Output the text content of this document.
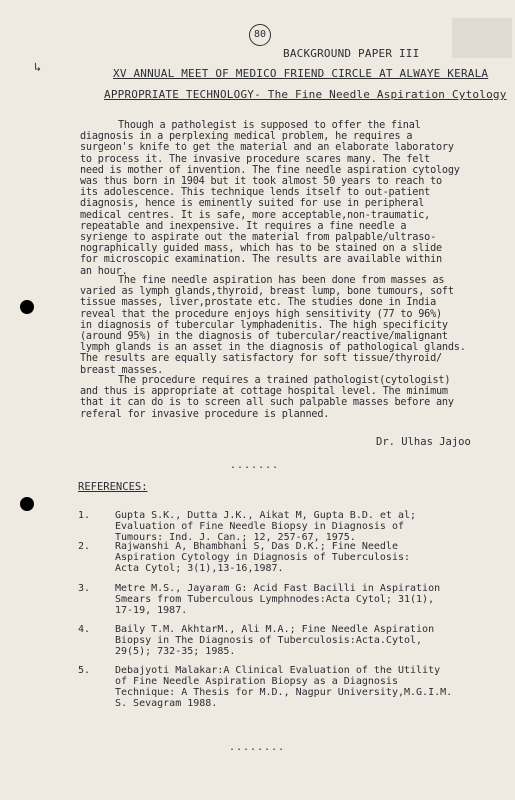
↳
80
BACKGROUND PAPER III
XV ANNUAL MEET OF MEDICO FRIEND CIRCLE AT ALWAYE KERALA
APPROPRIATE TECHNOLOGY- The Fine Needle Aspiration Cytology

Though a patholegist is supposed to offer the final
diagnosis in a perplexing medical problem, he requires a
surgeon's knife to get the material and an elaborate laboratory
to process it. The invasive procedure scares many. The felt
need is mother of invention. The fine needle aspiration cytology
was thus born in 1904 but it took almost 50 years to reach to
its adolescence. This technique lends itself to out-patient
diagnosis, hence is eminently suited for use in peripheral
medical centres. It is safe, more acceptable,non-traumatic,
repeatable and inexpensive. It requires a fine needle a
syrienge to aspirate out the material from palpable/ultraso-
nographically guided mass, which has to be stained on a slide
for microscopic examination. The results are available within
an hour.

The fine needle aspiration has been done from masses as
varied as lymph glands,thyroid, breast lump, bone tumours, soft
tissue masses, liver,prostate etc. The studies done in India
reveal that the procedure enjoys high sensitivity (77 to 96%)
in diagnosis of tubercular lymphadenitis. The high specificity
(around 95%) in the diagnosis of tubercular/reactive/malignant
lymph glands is an asset in the diagnosis of pathological glands.
The results are equally satisfactory for soft tissue/thyroid/
breast masses.

The procedure requires a trained pathologist(cytologist)
and thus is appropriate at cottage hospital level. The minimum
that it can do is to screen all such palpable masses before any
referal for invasive procedure is planned.

Dr. Ulhas Jajoo
.......
REFERENCES:
1. Gupta S.K., Dutta J.K., Aikat M, Gupta B.D. et al;
Evaluation of Fine Needle Biopsy in Diagnosis of
Tumours: Ind. J. Can.; 12, 257-67, 1975.
2. Rajwanshi A, Bhambhani S, Das D.K.; Fine Needle
Aspiration Cytology in Diagnosis of Tuberculosis:
Acta Cytol; 3(1),13-16,1987.
3. Metre M.S., Jayaram G: Acid Fast Bacilli in Aspiration
Smears from Tuberculous Lymphnodes:Acta Cytol; 31(1),
17-19, 1987.
4. Baily T.M. AkhtarM., Ali M.A.; Fine Needle Aspiration
Biopsy in The Diagnosis of Tuberculosis:Acta.Cytol,
29(5); 732-35; 1985.
5. Debajyoti Malakar:A Clinical Evaluation of the Utility
of Fine Needle Aspiration Biopsy as a Diagnosis
Technique: A Thesis for M.D., Nagpur University,M.G.I.M.
S. Sevagram 1988.
........
